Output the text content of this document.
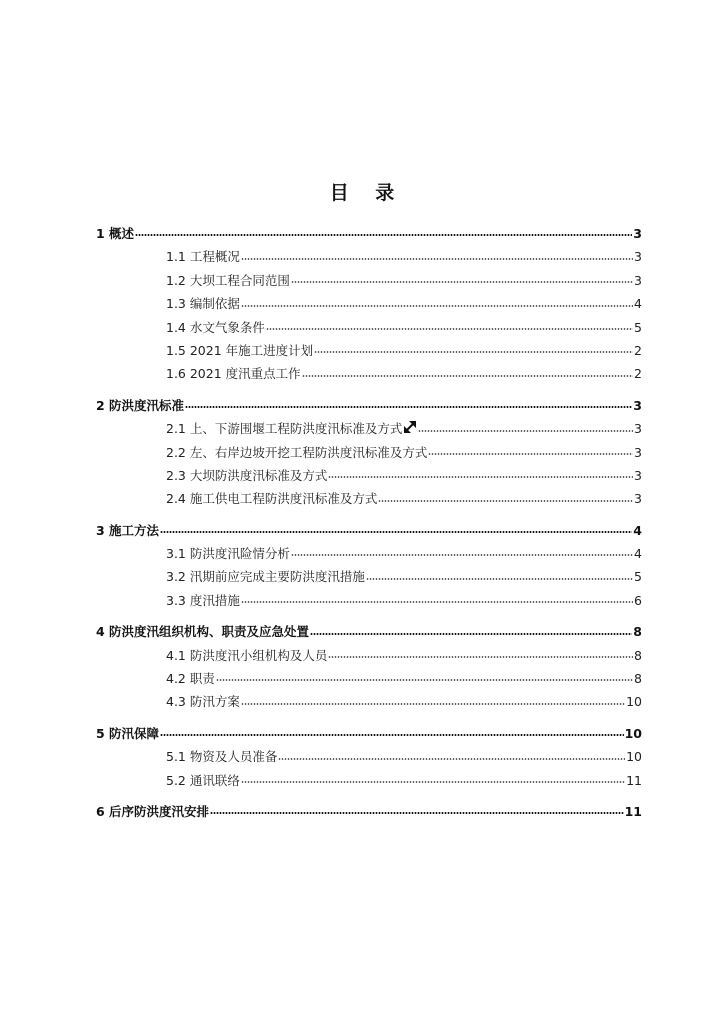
目 录
1 概述	3
1.1 工程概况	3
1.2 大坝工程合同范围	3
1.3 编制依据	4
1.4 水文气象条件	5
1.5 2021 年施工进度计划	2
1.6 2021 度汛重点工作	2
2 防洪度汛标准	3
2.1 上、下游围堰工程防洪度汛标准及方式	3
2.2 左、右岸边坡开挖工程防洪度汛标准及方式	3
2.3 大坝防洪度汛标准及方式	3
2.4 施工供电工程防洪度汛标准及方式	3
3 施工方法	4
3.1 防洪度汛险情分析	4
3.2 汛期前应完成主要防洪度汛措施	5
3.3 度汛措施	6
4 防洪度汛组织机构、职责及应急处置	8
4.1 防洪度汛小组机构及人员	8
4.2 职责	8
4.3 防汛方案	10
5 防汛保障	10
5.1 物资及人员准备	10
5.2 通讯联络	11
6 后序防洪度汛安排	11
